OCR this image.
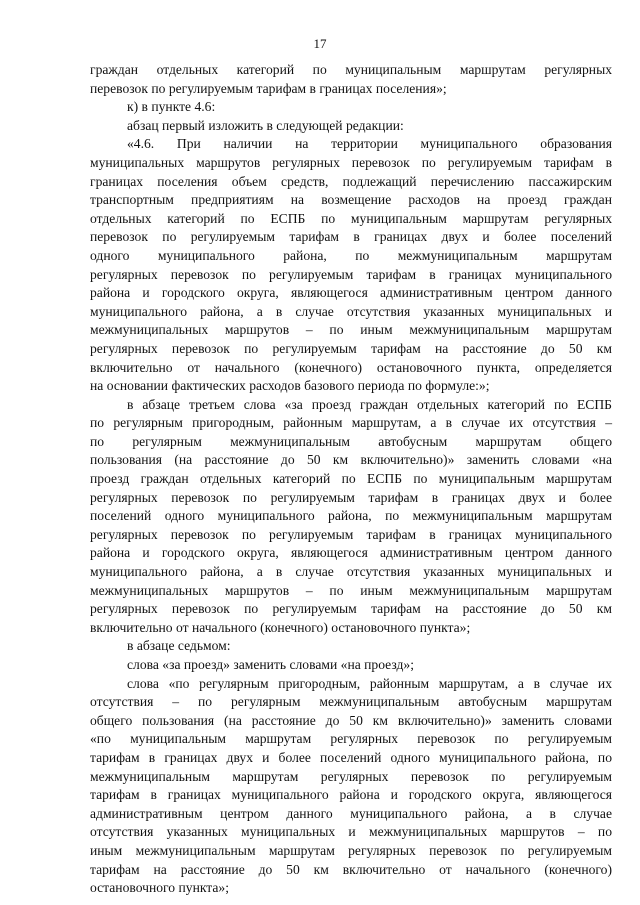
17
граждан отдельных категорий по муниципальным маршрутам регулярных
перевозок по регулируемым тарифам в границах поселения»;
к) в пункте 4.6:
абзац первый изложить в следующей редакции:
«4.6. При наличии на территории муниципального образования
муниципальных маршрутов регулярных перевозок по регулируемым тарифам в
границах поселения объем средств, подлежащий перечислению пассажирским
транспортным предприятиям на возмещение расходов на проезд граждан
отдельных категорий по ЕСПБ по муниципальным маршрутам регулярных
перевозок по регулируемым тарифам в границах двух и более поселений
одного муниципального района, по межмуниципальным маршрутам
регулярных перевозок по регулируемым тарифам в границах муниципального
района и городского округа, являющегося административным центром данного
муниципального района, а в случае отсутствия указанных муниципальных и
межмуниципальных маршрутов – по иным межмуниципальным маршрутам
регулярных перевозок по регулируемым тарифам на расстояние до 50 км
включительно от начального (конечного) остановочного пункта, определяется
на основании фактических расходов базового периода по формуле:»;
в абзаце третьем слова «за проезд граждан отдельных категорий по ЕСПБ
по регулярным пригородным, районным маршрутам, а в случае их отсутствия –
по регулярным межмуниципальным автобусным маршрутам общего
пользования (на расстояние до 50 км включительно)» заменить словами «на
проезд граждан отдельных категорий по ЕСПБ по муниципальным маршрутам
регулярных перевозок по регулируемым тарифам в границах двух и более
поселений одного муниципального района, по межмуниципальным маршрутам
регулярных перевозок по регулируемым тарифам в границах муниципального
района и городского округа, являющегося административным центром данного
муниципального района, а в случае отсутствия указанных муниципальных и
межмуниципальных маршрутов – по иным межмуниципальным маршрутам
регулярных перевозок по регулируемым тарифам на расстояние до 50 км
включительно от начального (конечного) остановочного пункта»;
в абзаце седьмом:
слова «за проезд» заменить словами «на проезд»;
слова «по регулярным пригородным, районным маршрутам, а в случае их
отсутствия – по регулярным межмуниципальным автобусным маршрутам
общего пользования (на расстояние до 50 км включительно)» заменить словами
«по муниципальным маршрутам регулярных перевозок по регулируемым
тарифам в границах двух и более поселений одного муниципального района, по
межмуниципальным маршрутам регулярных перевозок по регулируемым
тарифам в границах муниципального района и городского округа, являющегося
административным центром данного муниципального района, а в случае
отсутствия указанных муниципальных и межмуниципальных маршрутов – по
иным межмуниципальным маршрутам регулярных перевозок по регулируемым
тарифам на расстояние до 50 км включительно от начального (конечного)
остановочного пункта»;
